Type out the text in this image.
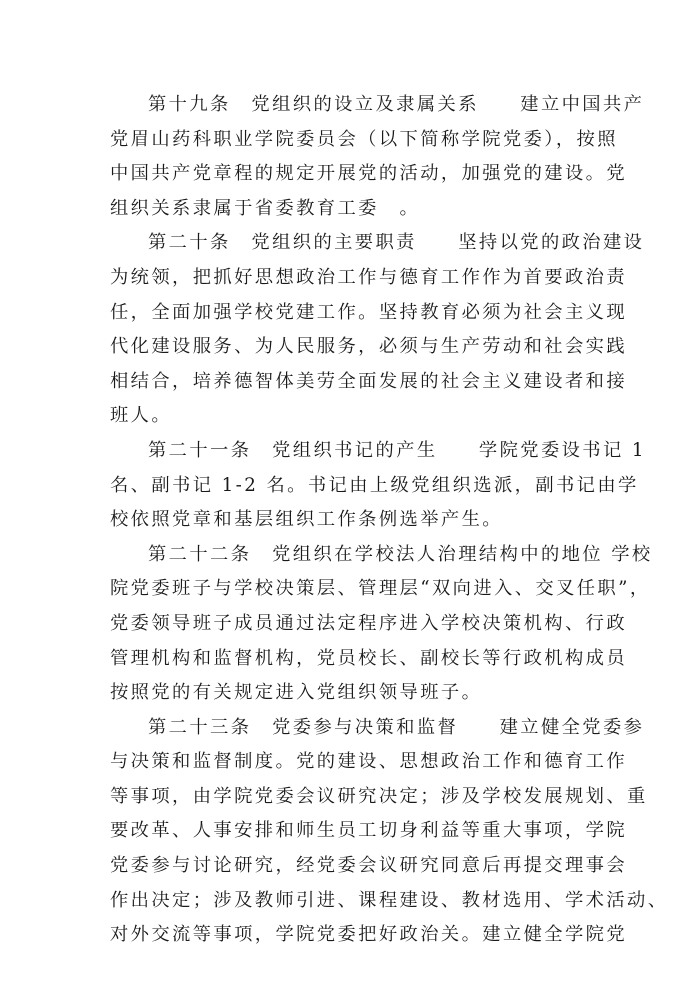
第十九条　党组织的设立及隶属关系　　建立中国共产
党眉山药科职业学院委员会（以下简称学院党委），按照
中国共产党章程的规定开展党的活动，加强党的建设。党
组织关系隶属于省委教育工委　。
第二十条　党组织的主要职责　　坚持以党的政治建设
为统领，把抓好思想政治工作与德育工作作为首要政治责
任，全面加强学校党建工作。坚持教育必须为社会主义现
代化建设服务、为人民服务，必须与生产劳动和社会实践
相结合，培养德智体美劳全面发展的社会主义建设者和接
班人。
第二十一条　党组织书记的产生　　学院党委设书记 1
名、副书记 1-2 名。书记由上级党组织选派，副书记由学
校依照党章和基层组织工作条例选举产生。
第二十二条　党组织在学校法人治理结构中的地位 学校
院党委班子与学校决策层、管理层“双向进入、交叉任职”，
党委领导班子成员通过法定程序进入学校决策机构、行政
管理机构和监督机构，党员校长、副校长等行政机构成员
按照党的有关规定进入党组织领导班子。
第二十三条　党委参与决策和监督　　建立健全党委参
与决策和监督制度。党的建设、思想政治工作和德育工作
等事项，由学院党委会议研究决定；涉及学校发展规划、重
要改革、人事安排和师生员工切身利益等重大事项，学院
党委参与讨论研究，经党委会议研究同意后再提交理事会
作出决定；涉及教师引进、课程建设、教材选用、学术活动、
对外交流等事项，学院党委把好政治关。建立健全学院党
